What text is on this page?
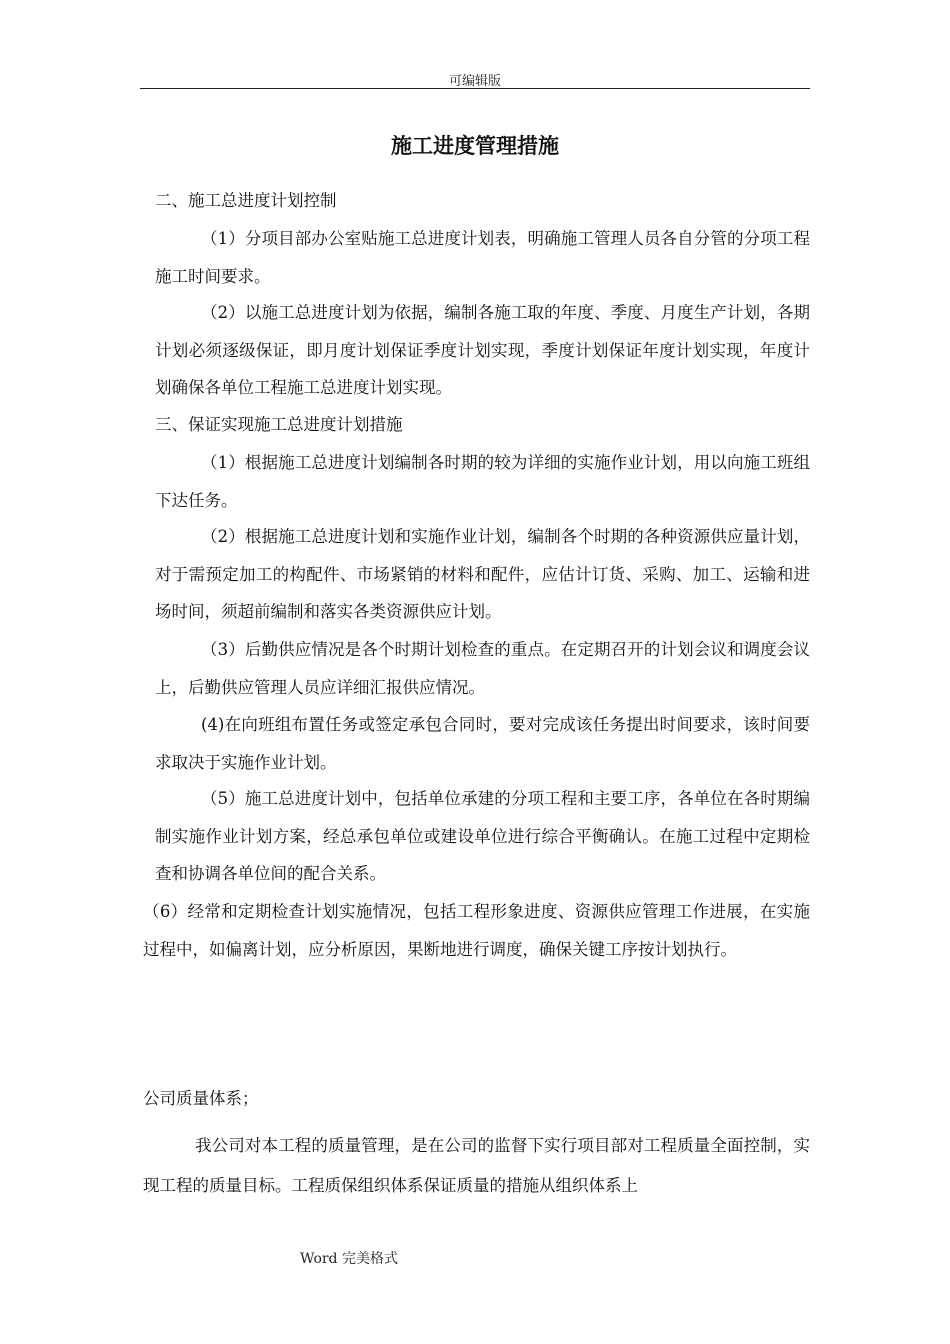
可编辑版
施工进度管理措施

二、施工总进度计划控制

（1）分项目部办公室贴施工总进度计划表，明确施工管理人员各自分管的分项工程施工时间要求。

（2）以施工总进度计划为依据，编制各施工取的年度、季度、月度生产计划，各期计划必须逐级保证，即月度计划保证季度计划实现，季度计划保证年度计划实现，年度计划确保各单位工程施工总进度计划实现。

三、保证实现施工总进度计划措施

（1）根据施工总进度计划编制各时期的较为详细的实施作业计划，用以向施工班组下达任务。

（2）根据施工总进度计划和实施作业计划，编制各个时期的各种资源供应量计划，对于需预定加工的构配件、市场紧销的材料和配件，应估计订货、采购、加工、运输和进场时间，须超前编制和落实各类资源供应计划。

（3）后勤供应情况是各个时期计划检查的重点。在定期召开的计划会议和调度会议上，后勤供应管理人员应详细汇报供应情况。

(4)在向班组布置任务或签定承包合同时，要对完成该任务提出时间要求，该时间要求取决于实施作业计划。

（5）施工总进度计划中，包括单位承建的分项工程和主要工序，各单位在各时期编制实施作业计划方案，经总承包单位或建设单位进行综合平衡确认。在施工过程中定期检查和协调各单位间的配合关系。

（6）经常和定期检查计划实施情况，包括工程形象进度、资源供应管理工作进展，在实施过程中，如偏离计划，应分析原因，果断地进行调度，确保关键工序按计划执行。

公司质量体系；

我公司对本工程的质量管理，是在公司的监督下实行项目部对工程质量全面控制，实现工程的质量目标。工程质保组织体系保证质量的措施从组织体系上

Word 完美格式
